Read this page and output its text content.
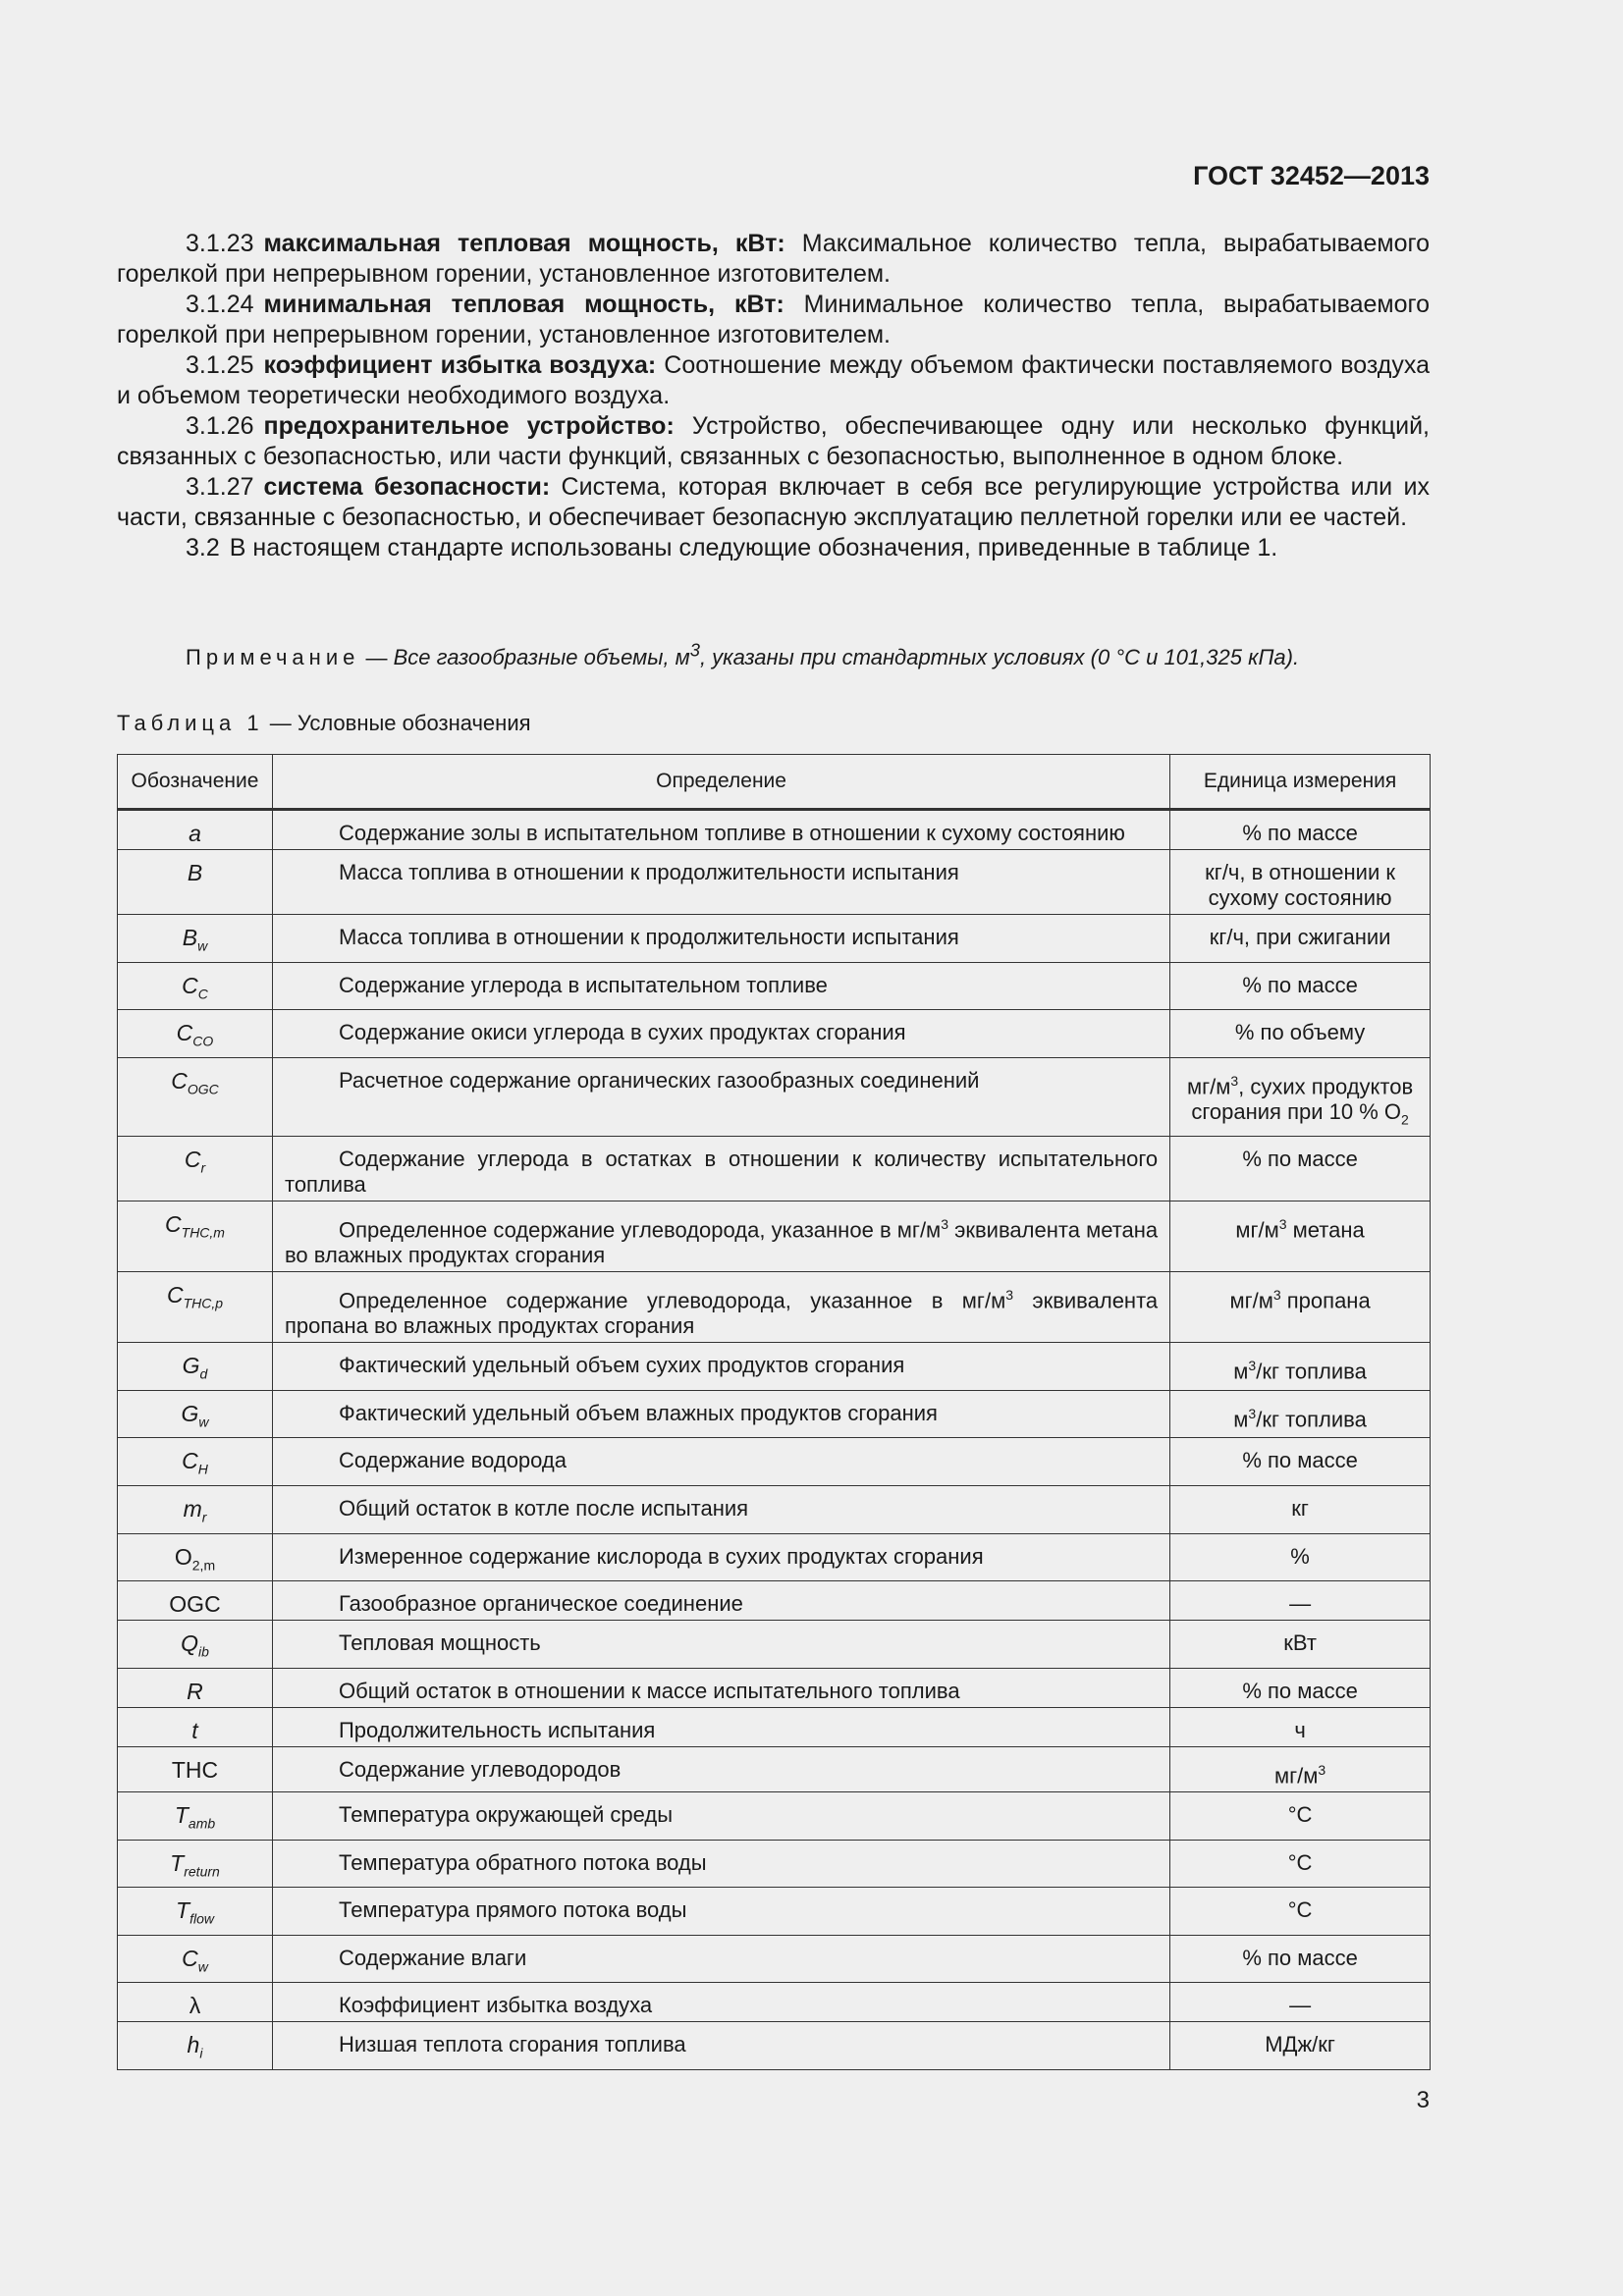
ГОСТ 32452—2013

3.1.23 максимальная тепловая мощность, кВт: Максимальное количество тепла, вырабатываемого горелкой при непрерывном горении, установленное изготовителем.

3.1.24 минимальная тепловая мощность, кВт: Минимальное количество тепла, вырабатываемого горелкой при непрерывном горении, установленное изготовителем.

3.1.25 коэффициент избытка воздуха: Соотношение между объемом фактически поставляемого воздуха и объемом теоретически необходимого воздуха.

3.1.26 предохранительное устройство: Устройство, обеспечивающее одну или несколько функций, связанных с безопасностью, или части функций, связанных с безопасностью, выполненное в одном блоке.

3.1.27 система безопасности: Система, которая включает в себя все регулирующие устройства или их части, связанные с безопасностью, и обеспечивает безопасную эксплуатацию пеллетной горелки или ее частей.

3.2 В настоящем стандарте использованы следующие обозначения, приведенные в таблице 1.

Примечание — Все газообразные объемы, $м^3$, указаны при стандартных условиях (0 °С и 101,325 кПа).
Таблица 1 — Условные обозначения
Обозначение	Определение	Единица измерения
a	Содержание золы в испытательном топливе в отношении к сухому состоянию	% по массе
B	Масса топлива в отношении к продолжительности испытания	кг/ч, в отношении к сухому состоянию
$B_w$	Масса топлива в отношении к продолжительности испытания	кг/ч, при сжигании
$C_C$	Содержание углерода в испытательном топливе	% по массе
$C_{CO}$	Содержание окиси углерода в сухих продуктах сгорания	% по объему
$C_{OGC}$	Расчетное содержание органических газообразных соединений	$мг/м^3$, сухих продуктов сгорания при 10 % $O_2$
$C_r$	Содержание углерода в остатках в отношении к количеству испытательного топлива	% по массе
$C_{THC,m}$	Определенное содержание углеводорода, указанное в $мг/м^3$ эквивалента метана во влажных продуктах сгорания	$мг/м^3$ метана
$C_{THC,p}$	Определенное содержание углеводорода, указанное в $мг/м^3$ эквивалента пропана во влажных продуктах сгорания	$мг/м^3$ пропана
$G_d$	Фактический удельный объем сухих продуктов сгорания	$м^3/кг$ топлива
$G_w$	Фактический удельный объем влажных продуктов сгорания	$м^3/кг$ топлива
$C_H$	Содержание водорода	% по массе
$m_r$	Общий остаток в котле после испытания	кг
$O_{2,m}$	Измеренное содержание кислорода в сухих продуктах сгорания	%
OGC	Газообразное органическое соединение	—
$Q_{ib}$	Тепловая мощность	кВт
R	Общий остаток в отношении к массе испытательного топлива	% по массе
t	Продолжительность испытания	ч
THC	Содержание углеводородов	$мг/м^3$
$T_{amb}$	Температура окружающей среды	°C
$T_{return}$	Температура обратного потока воды	°C
$T_{flow}$	Температура прямого потока воды	°C
$C_w$	Содержание влаги	% по массе
λ	Коэффициент избытка воздуха	—
$h_i$	Низшая теплота сгорания топлива	МДж/кг
3
